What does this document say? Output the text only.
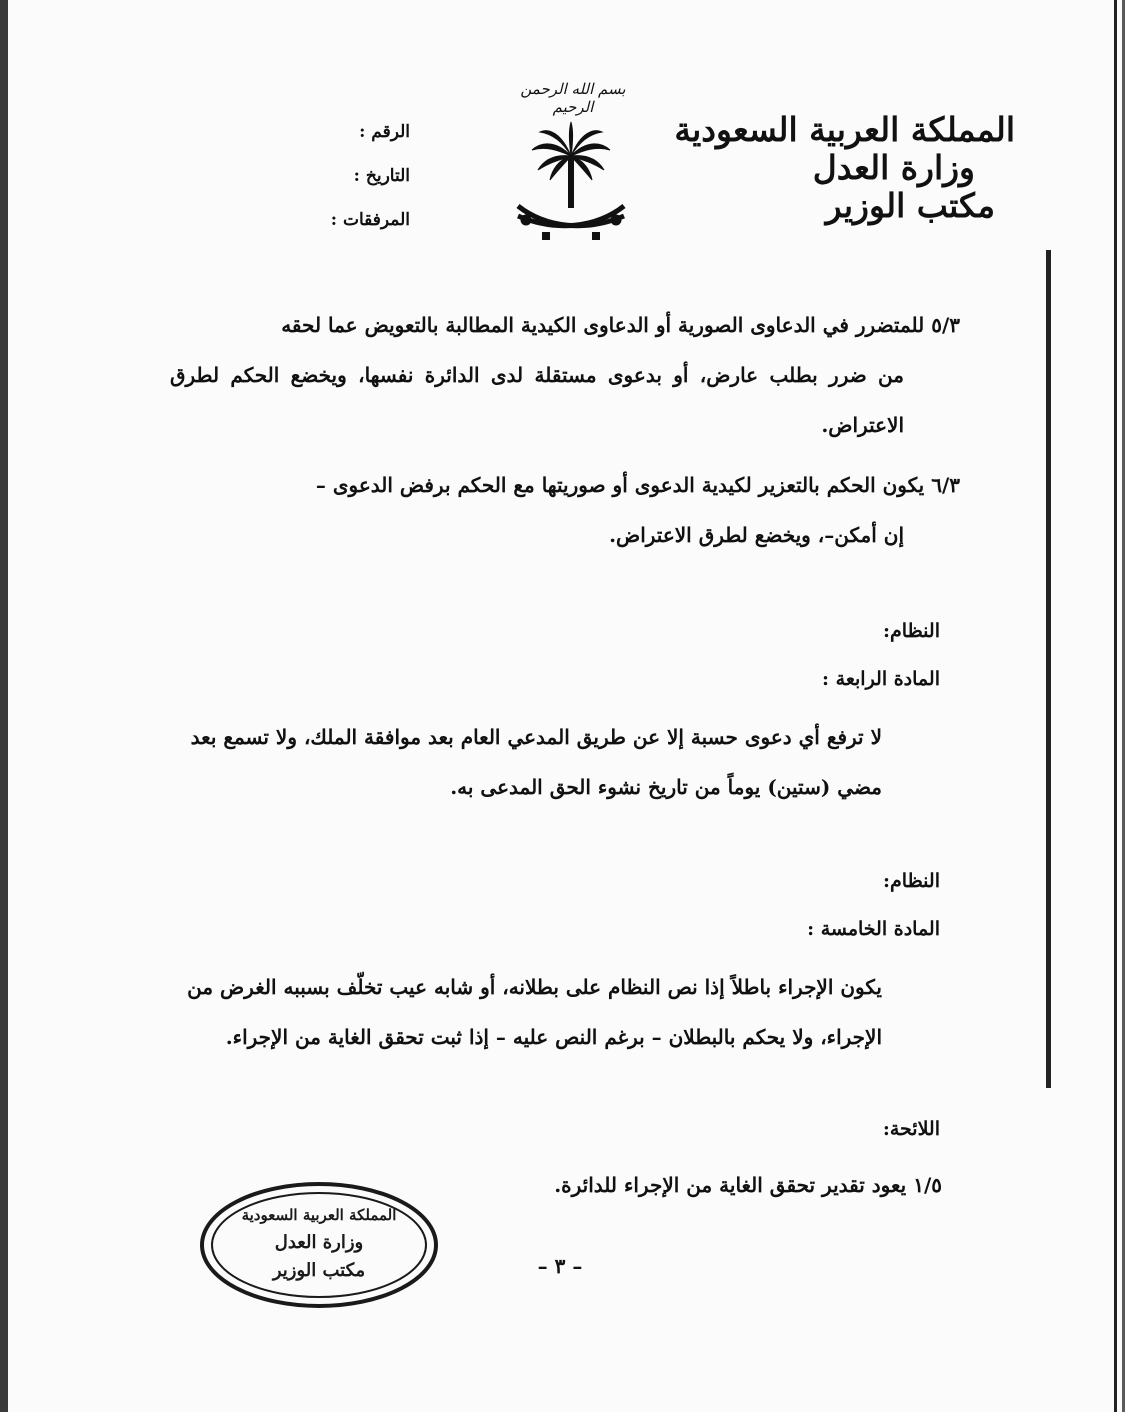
بسم الله الرحمن الرحيم
المملكة العربية السعودية
وزارة العدل
مكتب الوزير
الرقم :
التاريخ :
المرفقات :
٥/٣ للمتضرر في الدعاوى الصورية أو الدعاوى الكيدية المطالبة بالتعويض عما لحقه
من ضرر بطلب عارض، أو بدعوى مستقلة لدى الدائرة نفسها، ويخضع الحكم لطرق الاعتراض.
٦/٣ يكون الحكم بالتعزير لكيدية الدعوى أو صوريتها مع الحكم برفض الدعوى –
إن أمكن–، ويخضع لطرق الاعتراض.
النظام:
المادة الرابعة :
لا ترفع أي دعوى حسبة إلا عن طريق المدعي العام بعد موافقة الملك، ولا تسمع بعد مضي (ستين) يوماً من تاريخ نشوء الحق المدعى به.
النظام:
المادة الخامسة :
يكون الإجراء باطلاً إذا نص النظام على بطلانه، أو شابه عيب تخلّف بسببه الغرض من الإجراء، ولا يحكم بالبطلان – برغم النص عليه – إذا ثبت تحقق الغاية من الإجراء.
اللائحة:
١/٥ يعود تقدير تحقق الغاية من الإجراء للدائرة.
– ٣ –
المملكة العربية السعودية
وزارة العدل
مكتب الوزير
